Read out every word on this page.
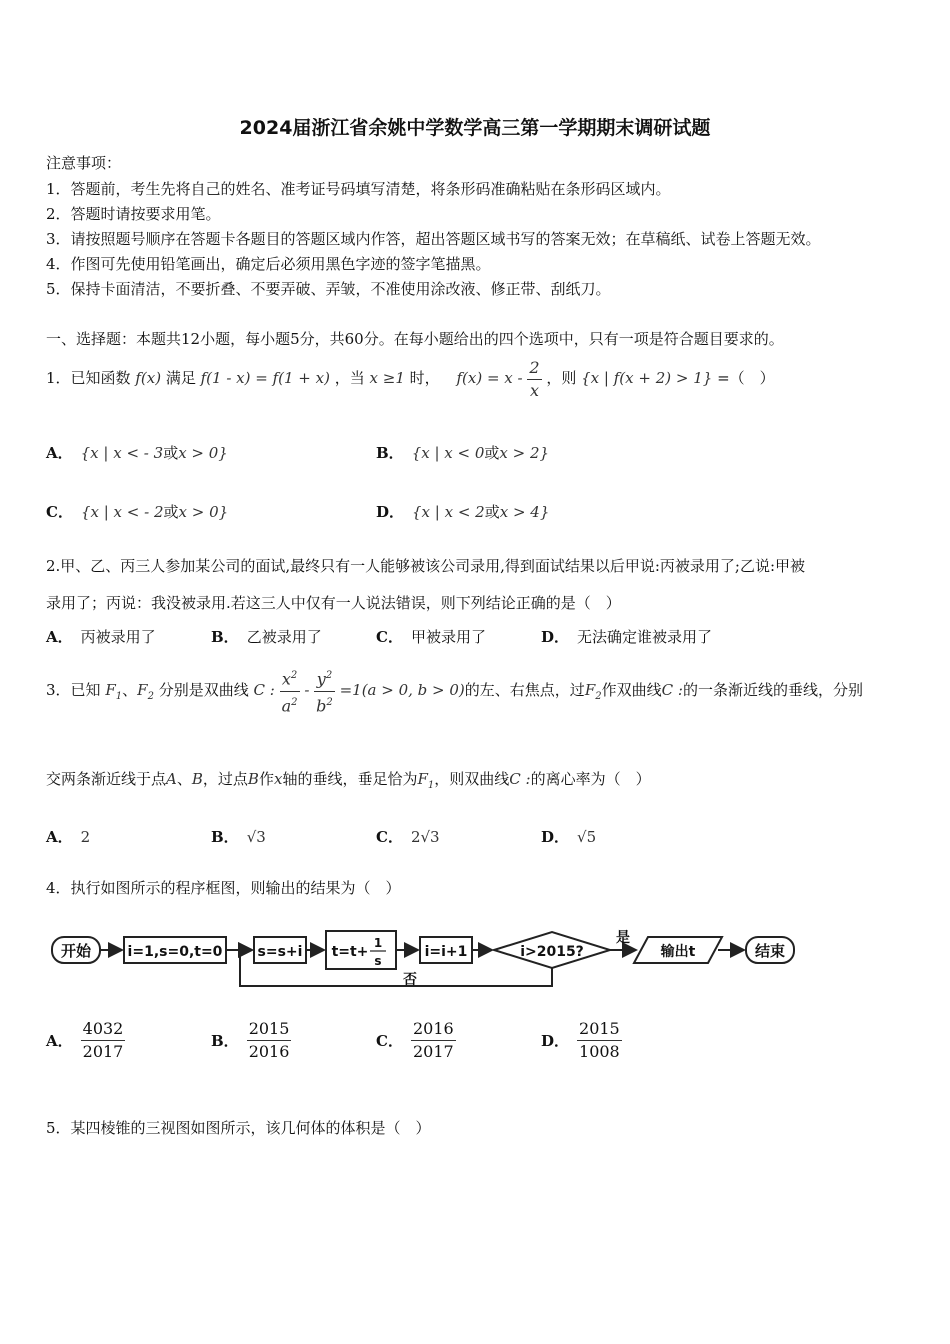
2024届浙江省余姚中学数学高三第一学期期末调研试题
注意事项：
1．答题前，考生先将自己的姓名、准考证号码填写清楚，将条形码准确粘贴在条形码区域内。
2．答题时请按要求用笔。
3．请按照题号顺序在答题卡各题目的答题区域内作答，超出答题区域书写的答案无效；在草稿纸、试卷上答题无效。
4．作图可先使用铅笔画出，确定后必须用黑色字迹的签字笔描黑。
5．保持卡面清洁，不要折叠、不要弄破、弄皱，不准使用涂改液、修正带、刮纸刀。
一、选择题：本题共12小题，每小题5分，共60分。在每小题给出的四个选项中，只有一项是符合题目要求的。
1．已知函数 f(x) 满足 f(1 - x) = f(1 + x) ，当 x ≥1 时， $f(x) = x - \frac{2}{x}$ ，则 {x | f(x + 2) > 1} =（　）
A． {x | x < - 3或x > 0}	B． {x | x < 0或x > 2}
C． {x | x < - 2或x > 0}	D． {x | x < 2或x > 4}
2.甲、乙、丙三人参加某公司的面试,最终只有一人能够被该公司录用,得到面试结果以后甲说:丙被录用了;乙说:甲被
录用了；丙说：我没被录用.若这三人中仅有一人说法错误，则下列结论正确的是（　）
A． 丙被录用了	B． 乙被录用了	C． 甲被录用了	D． 无法确定谁被录用了
3．已知 $F_1$、$F_2$ 分别是双曲线 C : $\frac{x^2}{a^2} - \frac{y^2}{b^2} =1(a > 0$, b > 0)的左、右焦点，过$F_2$作双曲线C :的一条渐近线的垂线，分别
交两条渐近线于点A、B，过点B作x轴的垂线，垂足恰为$F_1$，则双曲线C :的离心率为（　）
A． 2	B． √3	C． 2√3	D． √5
4．执行如图所示的程序框图，则输出的结果为（　）
开始	i=1,s=0,t=0	s=s+i t=t+
1
s
i=i+1	i>2015?
是
否
输出t	结束
A． $\frac{4032}{2017}$	B． $\frac{2015}{2016}$	C． $\frac{2016}{2017}$	D． $\frac{2015}{1008}$
5．某四棱锥的三视图如图所示，该几何体的体积是（　）
